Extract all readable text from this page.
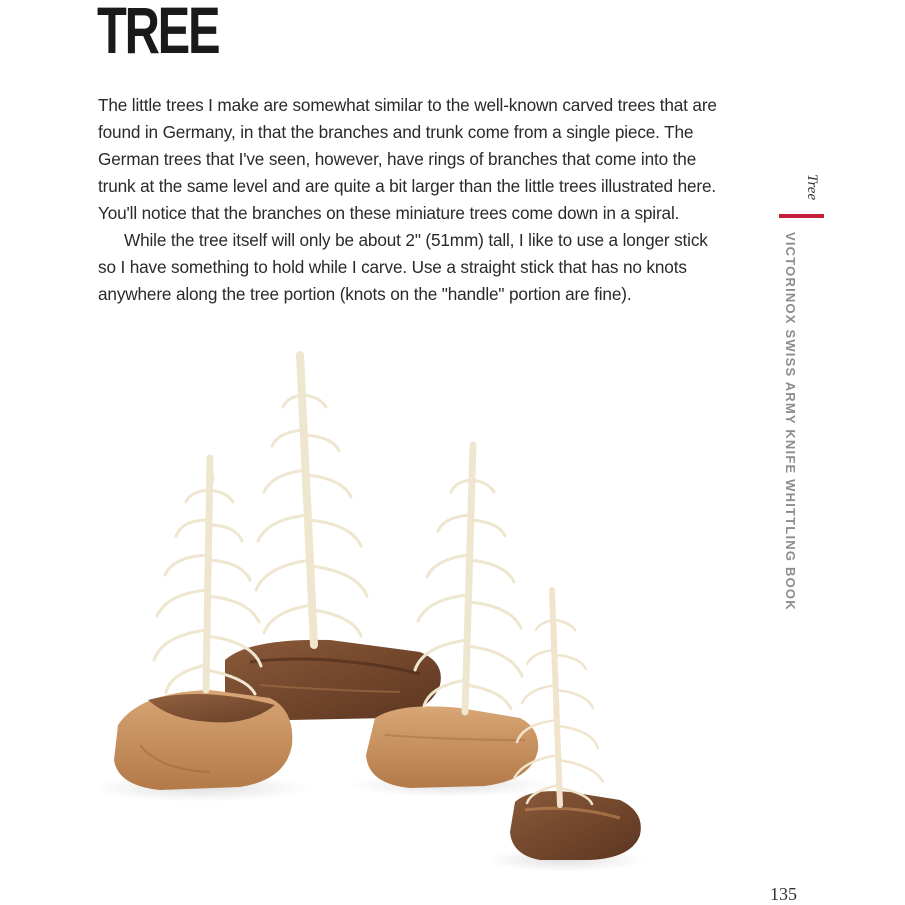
TREE

The little trees I make are somewhat similar to the well-known carved trees that are found in Germany, in that the branches and trunk come from a single piece. The German trees that I've seen, however, have rings of branches that come into the trunk at the same level and are quite a bit larger than the little trees illustrated here. You'll notice that the branches on these miniature trees come down in a spiral.

While the tree itself will only be about 2" (51mm) tall, I like to use a longer stick so I have something to hold while I carve. Use a straight stick that has no knots anywhere along the tree portion (knots on the "handle" portion are fine).

Tree
VICTORINOX SWISS ARMY KNIFE WHITTLING BOOK
135
